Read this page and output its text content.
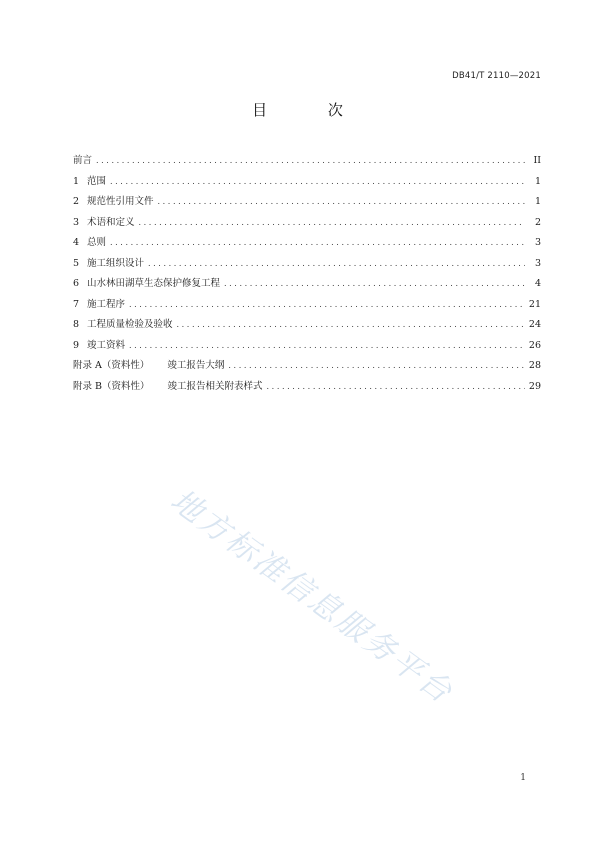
DB41/T 2110—2021
目 次
前言 .....	II
1 范围 .....	1
2 规范性引用文件 .....	1
3 术语和定义 .....	2
4 总则 .....	3
5 施工组织设计 .....	3
6 山水林田湖草生态保护修复工程 .....	4
7 施工程序 .....	21
8 工程质量检验及验收 .....	24
9 竣工资料 .....	26
附录 A（资料性） 竣工报告大纲 .....	28
附录 B（资料性） 竣工报告相关附表样式 .....	29
地方标准信息服务平台
1
